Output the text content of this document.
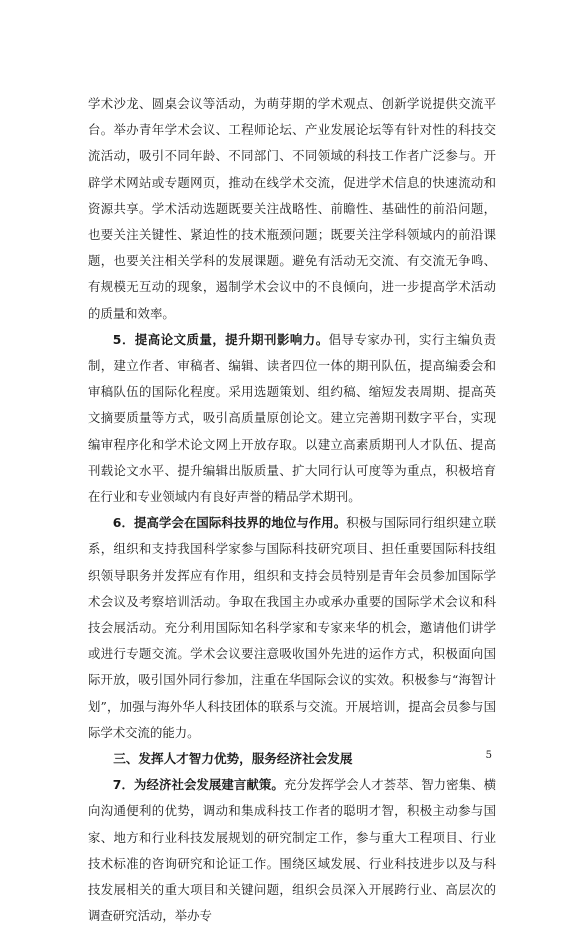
学术沙龙、圆桌会议等活动，为萌芽期的学术观点、创新学说提供交流平台。举办青年学术会议、工程师论坛、产业发展论坛等有针对性的科技交流活动，吸引不同年龄、不同部门、不同领域的科技工作者广泛参与。开辟学术网站或专题网页，推动在线学术交流，促进学术信息的快速流动和资源共享。学术活动选题既要关注战略性、前瞻性、基础性的前沿问题，也要关注关键性、紧迫性的技术瓶颈问题；既要关注学科领域内的前沿课题，也要关注相关学科的发展课题。避免有活动无交流、有交流无争鸣、有规模无互动的现象，遏制学术会议中的不良倾向，进一步提高学术活动的质量和效率。

5．提高论文质量，提升期刊影响力。倡导专家办刊，实行主编负责制，建立作者、审稿者、编辑、读者四位一体的期刊队伍，提高编委会和审稿队伍的国际化程度。采用选题策划、组约稿、缩短发表周期、提高英文摘要质量等方式，吸引高质量原创论文。建立完善期刊数字平台，实现编审程序化和学术论文网上开放存取。以建立高素质期刊人才队伍、提高刊载论文水平、提升编辑出版质量、扩大同行认可度等为重点，积极培育在行业和专业领域内有良好声誉的精品学术期刊。

6．提高学会在国际科技界的地位与作用。积极与国际同行组织建立联系，组织和支持我国科学家参与国际科技研究项目、担任重要国际科技组织领导职务并发挥应有作用，组织和支持会员特别是青年会员参加国际学术会议及考察培训活动。争取在我国主办或承办重要的国际学术会议和科技会展活动。充分利用国际知名科学家和专家来华的机会，邀请他们讲学或进行专题交流。学术会议要注意吸收国外先进的运作方式，积极面向国际开放，吸引国外同行参加，注重在华国际会议的实效。积极参与“海智计划”，加强与海外华人科技团体的联系与交流。开展培训，提高会员参与国际学术交流的能力。

三、发挥人才智力优势，服务经济社会发展

7．为经济社会发展建言献策。充分发挥学会人才荟萃、智力密集、横向沟通便利的优势，调动和集成科技工作者的聪明才智，积极主动参与国家、地方和行业科技发展规划的研究制定工作，参与重大工程项目、行业技术标准的咨询研究和论证工作。围绕区域发展、行业科技进步以及与科技发展相关的重大项目和关键问题，组织会员深入开展跨行业、高层次的调查研究活动，举办专

5
